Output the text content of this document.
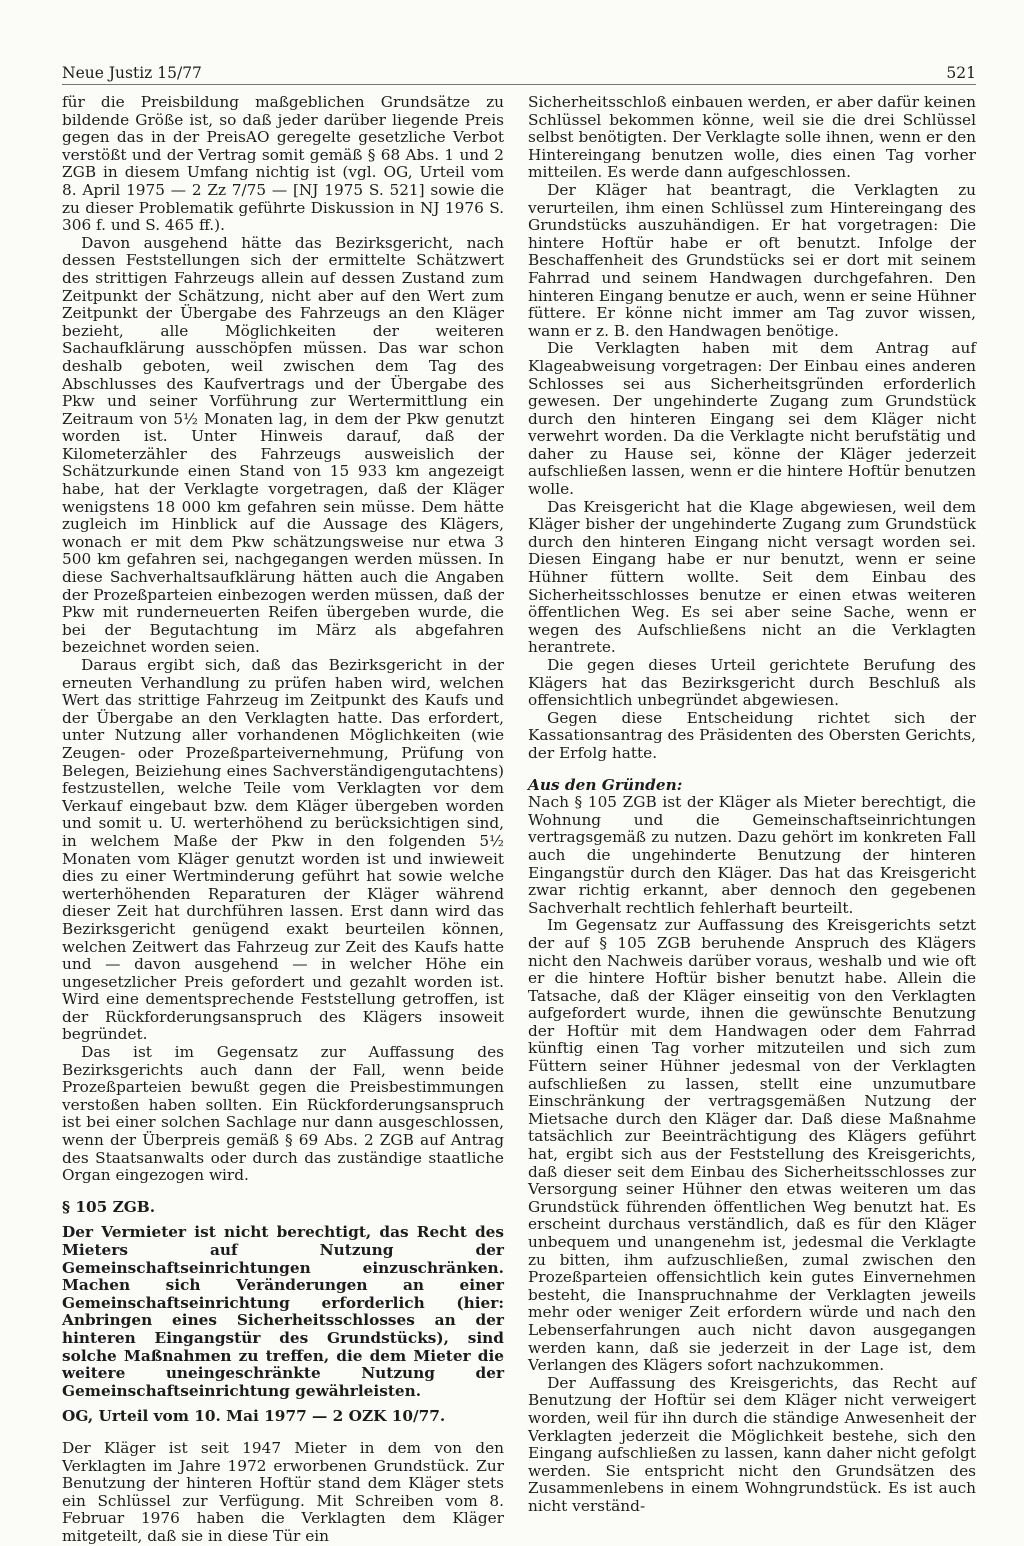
Neue Justiz 15/77	521

für die Preisbildung maßgeblichen Grundsätze zu bildende Größe ist, so daß jeder darüber liegende Preis gegen das in der PreisAO geregelte gesetzliche Verbot verstößt und der Vertrag somit gemäß § 68 Abs. 1 und 2 ZGB in diesem Umfang nichtig ist (vgl. OG, Urteil vom 8. April 1975 — 2 Zz 7/75 — [NJ 1975 S. 521] sowie die zu dieser Problematik geführte Diskussion in NJ 1976 S. 306 f. und S. 465 ff.).

Davon ausgehend hätte das Bezirksgericht, nach dessen Feststellungen sich der ermittelte Schätzwert des strittigen Fahrzeugs allein auf dessen Zustand zum Zeitpunkt der Schätzung, nicht aber auf den Wert zum Zeitpunkt der Übergabe des Fahrzeugs an den Kläger bezieht, alle Möglichkeiten der weiteren Sachaufklärung ausschöpfen müssen. Das war schon deshalb geboten, weil zwischen dem Tag des Abschlusses des Kaufvertrags und der Übergabe des Pkw und seiner Vorführung zur Wertermittlung ein Zeitraum von 5½ Monaten lag, in dem der Pkw genutzt worden ist. Unter Hinweis darauf, daß der Kilometerzähler des Fahrzeugs ausweislich der Schätzurkunde einen Stand von 15 933 km angezeigt habe, hat der Verklagte vorgetragen, daß der Kläger wenigstens 18 000 km gefahren sein müsse. Dem hätte zugleich im Hinblick auf die Aussage des Klägers, wonach er mit dem Pkw schätzungsweise nur etwa 3 500 km gefahren sei, nachgegangen werden müssen. In diese Sachverhaltsaufklärung hätten auch die Angaben der Prozeßparteien einbezogen werden müssen, daß der Pkw mit runderneuerten Reifen übergeben wurde, die bei der Begutachtung im März als abgefahren bezeichnet worden seien.

Daraus ergibt sich, daß das Bezirksgericht in der erneuten Verhandlung zu prüfen haben wird, welchen Wert das strittige Fahrzeug im Zeitpunkt des Kaufs und der Übergabe an den Verklagten hatte. Das erfordert, unter Nutzung aller vorhandenen Möglichkeiten (wie Zeugen- oder Prozeßparteivernehmung, Prüfung von Belegen, Beiziehung eines Sachverständigengutachtens) festzustellen, welche Teile vom Verklagten vor dem Verkauf eingebaut bzw. dem Kläger übergeben worden und somit u. U. werterhöhend zu berücksichtigen sind, in welchem Maße der Pkw in den folgenden 5½ Monaten vom Kläger genutzt worden ist und inwieweit dies zu einer Wertminderung geführt hat sowie welche werterhöhenden Reparaturen der Kläger während dieser Zeit hat durchführen lassen. Erst dann wird das Bezirksgericht genügend exakt beurteilen können, welchen Zeitwert das Fahrzeug zur Zeit des Kaufs hatte und — davon ausgehend — in welcher Höhe ein ungesetzlicher Preis gefordert und gezahlt worden ist. Wird eine dementsprechende Feststellung getroffen, ist der Rückforderungsanspruch des Klägers insoweit begründet.

Das ist im Gegensatz zur Auffassung des Bezirksgerichts auch dann der Fall, wenn beide Prozeßparteien bewußt gegen die Preisbestimmungen verstoßen haben sollten. Ein Rückforderungsanspruch ist bei einer solchen Sachlage nur dann ausgeschlossen, wenn der Überpreis gemäß § 69 Abs. 2 ZGB auf Antrag des Staatsanwalts oder durch das zuständige staatliche Organ eingezogen wird.

§ 105 ZGB.

Der Vermieter ist nicht berechtigt, das Recht des Mieters auf Nutzung der Gemeinschaftseinrichtungen einzuschränken. Machen sich Veränderungen an einer Gemeinschaftseinrichtung erforderlich (hier: Anbringen eines Sicherheitsschlosses an der hinteren Eingangstür des Grundstücks), sind solche Maßnahmen zu treffen, die dem Mieter die weitere uneingeschränkte Nutzung der Gemeinschaftseinrichtung gewährleisten.

OG, Urteil vom 10. Mai 1977 — 2 OZK 10/77.

Der Kläger ist seit 1947 Mieter in dem von den Verklagten im Jahre 1972 erworbenen Grundstück. Zur Benutzung der hinteren Hoftür stand dem Kläger stets ein Schlüssel zur Verfügung. Mit Schreiben vom 8. Februar 1976 haben die Verklagten dem Kläger mitgeteilt, daß sie in diese Tür ein

Sicherheitsschloß einbauen werden, er aber dafür keinen Schlüssel bekommen könne, weil sie die drei Schlüssel selbst benötigten. Der Verklagte solle ihnen, wenn er den Hintereingang benutzen wolle, dies einen Tag vorher mitteilen. Es werde dann aufgeschlossen.

Der Kläger hat beantragt, die Verklagten zu verurteilen, ihm einen Schlüssel zum Hintereingang des Grundstücks auszuhändigen. Er hat vorgetragen: Die hintere Hoftür habe er oft benutzt. Infolge der Beschaffenheit des Grundstücks sei er dort mit seinem Fahrrad und seinem Handwagen durchgefahren. Den hinteren Eingang benutze er auch, wenn er seine Hühner füttere. Er könne nicht immer am Tag zuvor wissen, wann er z. B. den Handwagen benötige.

Die Verklagten haben mit dem Antrag auf Klageabweisung vorgetragen: Der Einbau eines anderen Schlosses sei aus Sicherheitsgründen erforderlich gewesen. Der ungehinderte Zugang zum Grundstück durch den hinteren Eingang sei dem Kläger nicht verwehrt worden. Da die Verklagte nicht berufstätig und daher zu Hause sei, könne der Kläger jederzeit aufschließen lassen, wenn er die hintere Hoftür benutzen wolle.

Das Kreisgericht hat die Klage abgewiesen, weil dem Kläger bisher der ungehinderte Zugang zum Grundstück durch den hinteren Eingang nicht versagt worden sei. Diesen Eingang habe er nur benutzt, wenn er seine Hühner füttern wollte. Seit dem Einbau des Sicherheitsschlosses benutze er einen etwas weiteren öffentlichen Weg. Es sei aber seine Sache, wenn er wegen des Aufschließens nicht an die Verklagten herantrete.

Die gegen dieses Urteil gerichtete Berufung des Klägers hat das Bezirksgericht durch Beschluß als offensichtlich unbegründet abgewiesen.

Gegen diese Entscheidung richtet sich der Kassationsantrag des Präsidenten des Obersten Gerichts, der Erfolg hatte.

Aus den Gründen:

Nach § 105 ZGB ist der Kläger als Mieter berechtigt, die Wohnung und die Gemeinschaftseinrichtungen vertragsgemäß zu nutzen. Dazu gehört im konkreten Fall auch die ungehinderte Benutzung der hinteren Eingangstür durch den Kläger. Das hat das Kreisgericht zwar richtig erkannt, aber dennoch den gegebenen Sachverhalt rechtlich fehlerhaft beurteilt.

Im Gegensatz zur Auffassung des Kreisgerichts setzt der auf § 105 ZGB beruhende Anspruch des Klägers nicht den Nachweis darüber voraus, weshalb und wie oft er die hintere Hoftür bisher benutzt habe. Allein die Tatsache, daß der Kläger einseitig von den Verklagten aufgefordert wurde, ihnen die gewünschte Benutzung der Hoftür mit dem Handwagen oder dem Fahrrad künftig einen Tag vorher mitzuteilen und sich zum Füttern seiner Hühner jedesmal von der Verklagten aufschließen zu lassen, stellt eine unzumutbare Einschränkung der vertragsgemäßen Nutzung der Mietsache durch den Kläger dar. Daß diese Maßnahme tatsächlich zur Beeinträchtigung des Klägers geführt hat, ergibt sich aus der Feststellung des Kreisgerichts, daß dieser seit dem Einbau des Sicherheitsschlosses zur Versorgung seiner Hühner den etwas weiteren um das Grundstück führenden öffentlichen Weg benutzt hat. Es erscheint durchaus verständlich, daß es für den Kläger unbequem und unangenehm ist, jedesmal die Verklagte zu bitten, ihm aufzuschließen, zumal zwischen den Prozeßparteien offensichtlich kein gutes Einvernehmen besteht, die Inanspruchnahme der Verklagten jeweils mehr oder weniger Zeit erfordern würde und nach den Lebenserfahrungen auch nicht davon ausgegangen werden kann, daß sie jederzeit in der Lage ist, dem Verlangen des Klägers sofort nachzukommen.

Der Auffassung des Kreisgerichts, das Recht auf Benutzung der Hoftür sei dem Kläger nicht verweigert worden, weil für ihn durch die ständige Anwesenheit der Verklagten jederzeit die Möglichkeit bestehe, sich den Eingang aufschließen zu lassen, kann daher nicht gefolgt werden. Sie entspricht nicht den Grundsätzen des Zusammenlebens in einem Wohngrundstück. Es ist auch nicht verständ-
